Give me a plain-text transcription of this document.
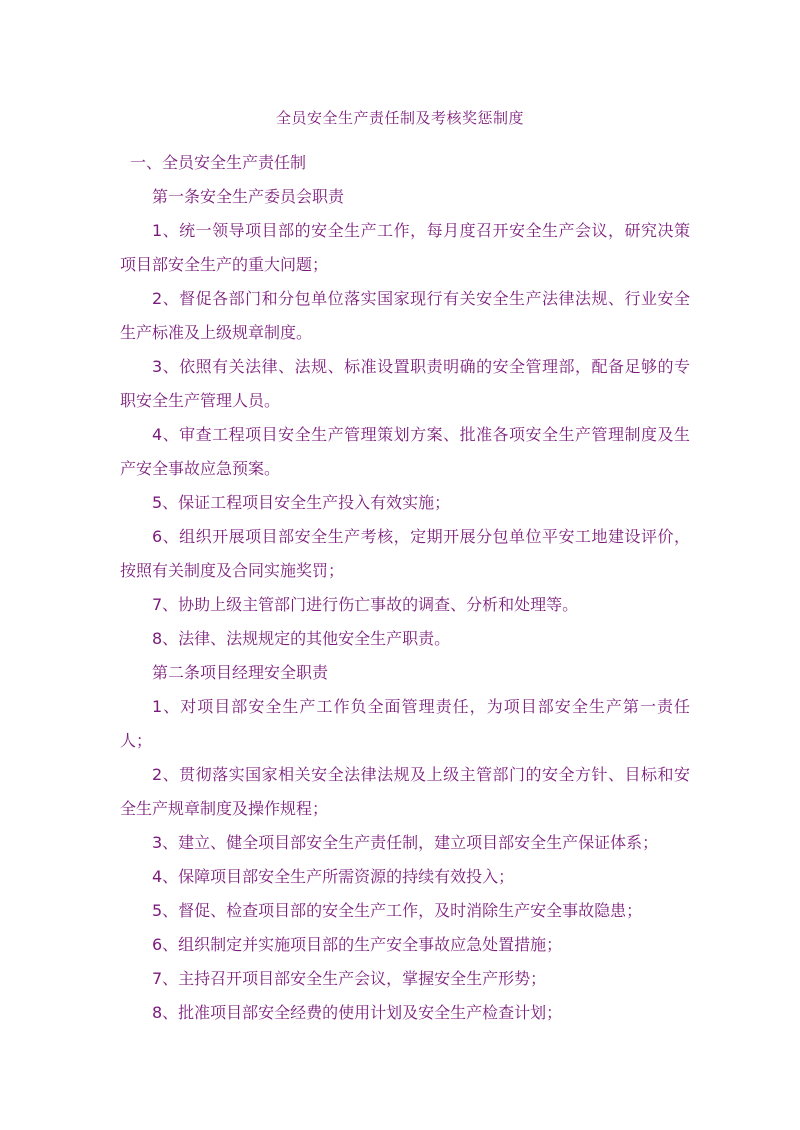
全员安全生产责任制及考核奖惩制度
一、全员安全生产责任制
第一条安全生产委员会职责
1、统一领导项目部的安全生产工作，每月度召开安全生产会议，研究决策项目部安全生产的重大问题；
2、督促各部门和分包单位落实国家现行有关安全生产法律法规、行业安全生产标准及上级规章制度。
3、依照有关法律、法规、标准设置职责明确的安全管理部，配备足够的专职安全生产管理人员。
4、审查工程项目安全生产管理策划方案、批准各项安全生产管理制度及生产安全事故应急预案。
5、保证工程项目安全生产投入有效实施；
6、组织开展项目部安全生产考核，定期开展分包单位平安工地建设评价，按照有关制度及合同实施奖罚；
7、协助上级主管部门进行伤亡事故的调查、分析和处理等。
8、法律、法规规定的其他安全生产职责。
第二条项目经理安全职责
1、对项目部安全生产工作负全面管理责任，为项目部安全生产第一责任人；
2、贯彻落实国家相关安全法律法规及上级主管部门的安全方针、目标和安全生产规章制度及操作规程；
3、建立、健全项目部安全生产责任制，建立项目部安全生产保证体系；
4、保障项目部安全生产所需资源的持续有效投入；
5、督促、检查项目部的安全生产工作，及时消除生产安全事故隐患；
6、组织制定并实施项目部的生产安全事故应急处置措施；
7、主持召开项目部安全生产会议，掌握安全生产形势；
8、批准项目部安全经费的使用计划及安全生产检查计划；
